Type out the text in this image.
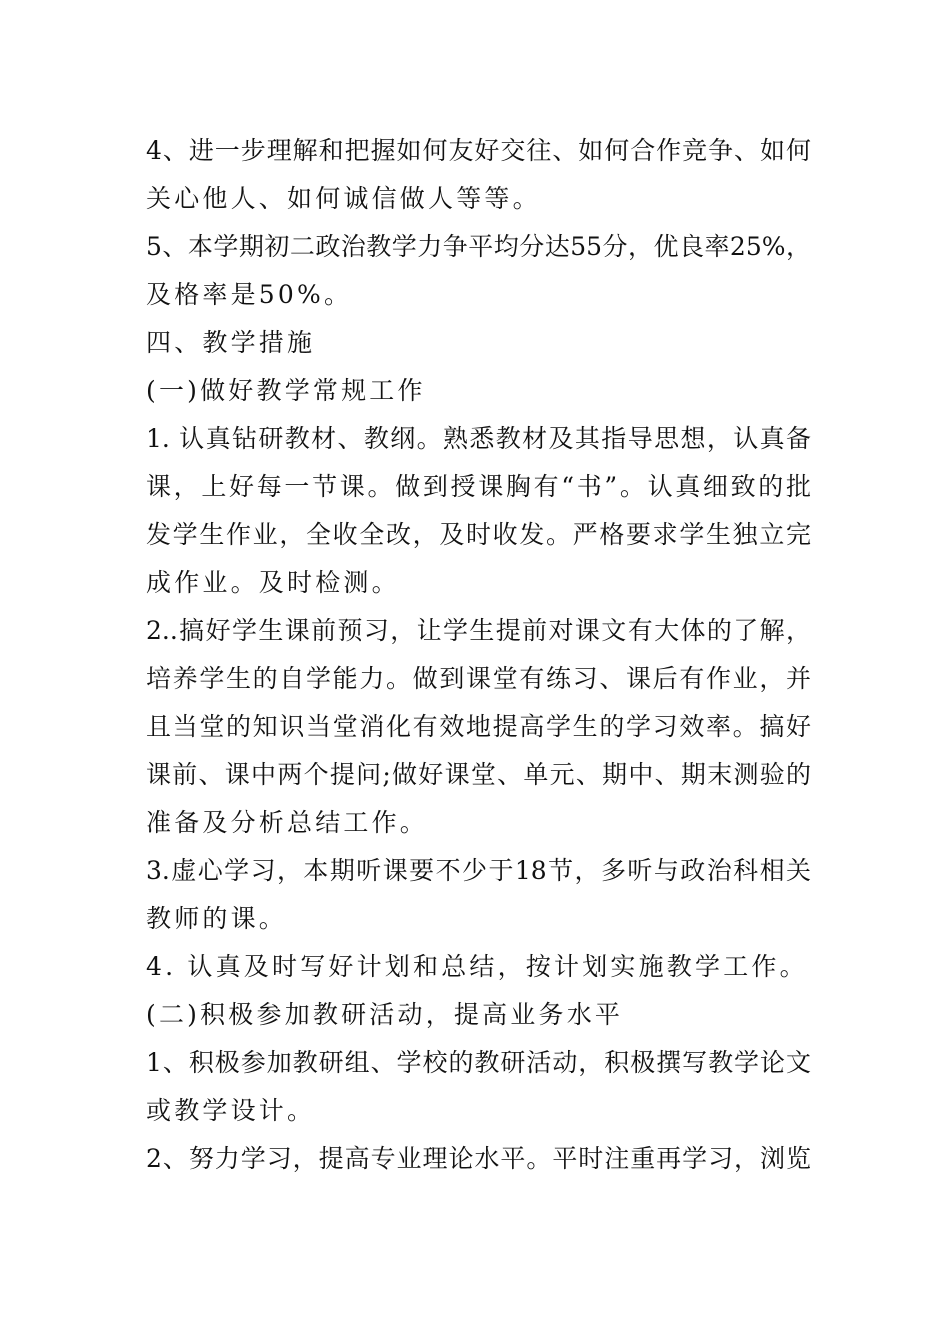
4、进一步理解和把握如何友好交往、如何合作竞争、如何
关心他人、如何诚信做人等等。
5、本学期初二政治教学力争平均分达55分，优良率25%，
及格率是50%。
四、教学措施
(一)做好教学常规工作
1. 认真钻研教材、教纲。熟悉教材及其指导思想，认真备
课，上好每一节课。做到授课胸有“书”。认真细致的批
发学生作业，全收全改，及时收发。严格要求学生独立完
成作业。及时检测。
2..搞好学生课前预习，让学生提前对课文有大体的了解，
培养学生的自学能力。做到课堂有练习、课后有作业，并
且当堂的知识当堂消化有效地提高学生的学习效率。搞好
课前、课中两个提问;做好课堂、单元、期中、期末测验的
准备及分析总结工作。
3.虚心学习，本期听课要不少于18节，多听与政治科相关
教师的课。
4. 认真及时写好计划和总结，按计划实施教学工作。
(二)积极参加教研活动，提高业务水平
1、积极参加教研组、学校的教研活动，积极撰写教学论文
或教学设计。
2、努力学习，提高专业理论水平。平时注重再学习，浏览
